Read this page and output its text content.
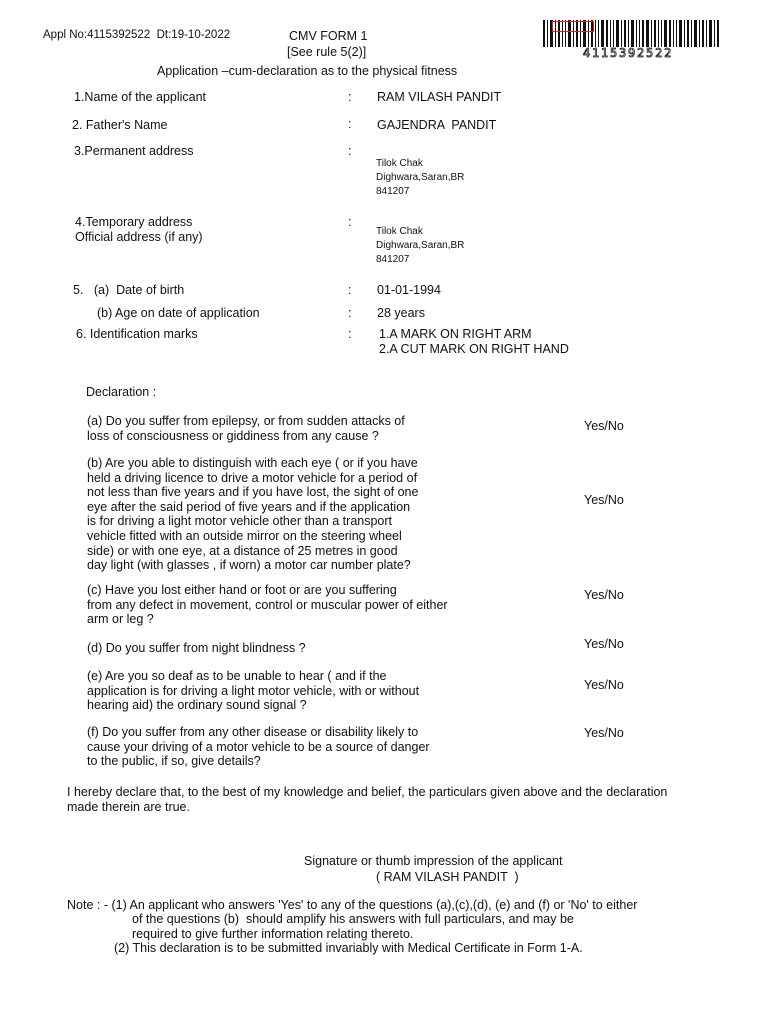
Appl No:4115392522  Dt:19-10-2022	CMV FORM 1
[See rule 5(2)]
Application –cum-declaration as to the physical fitness
4115392522
1.Name of the applicant	: RAM VILASH PANDIT
2. Father's Name	: GAJENDRA  PANDIT
3.Permanent address	:
Tilok Chak
Dighwara,Saran,BR
841207
4.Temporary address
Official address (if any)
:
Tilok Chak
Dighwara,Saran,BR
841207
5.   (a)  Date of birth	: 01-01-1994
(b) Age on date of application	: 28 years
6. Identification marks	: 1.A MARK ON RIGHT ARM
2.A CUT MARK ON RIGHT HAND
Declaration :
(a) Do you suffer from epilepsy, or from sudden attacks of
loss of consciousness or giddiness from any cause ?
Yes/No
(b) Are you able to distinguish with each eye ( or if you have
held a driving licence to drive a motor vehicle for a period of
not less than five years and if you have lost, the sight of one
eye after the said period of five years and if the application
is for driving a light motor vehicle other than a transport
vehicle fitted with an outside mirror on the steering wheel
side) or with one eye, at a distance of 25 metres in good
day light (with glasses , if worn) a motor car number plate?
Yes/No
(c) Have you lost either hand or foot or are you suffering
from any defect in movement, control or muscular power of either
arm or leg ?
Yes/No
(d) Do you suffer from night blindness ?	Yes/No
(e) Are you so deaf as to be unable to hear ( and if the
application is for driving a light motor vehicle, with or without
hearing aid) the ordinary sound signal ?
Yes/No
(f) Do you suffer from any other disease or disability likely to
cause your driving of a motor vehicle to be a source of danger
to the public, if so, give details?
Yes/No
I hereby declare that, to the best of my knowledge and belief, the particulars given above and the declaration
made therein are true.
Signature or thumb impression of the applicant
( RAM VILASH PANDIT  )
Note : - (1) An applicant who answers 'Yes' to any of the questions (a),(c),(d), (e) and (f) or 'No' to either
of the questions (b)  should amplify his answers with full particulars, and may be
required to give further information relating thereto.
(2) This declaration is to be submitted invariably with Medical Certificate in Form 1-A.
